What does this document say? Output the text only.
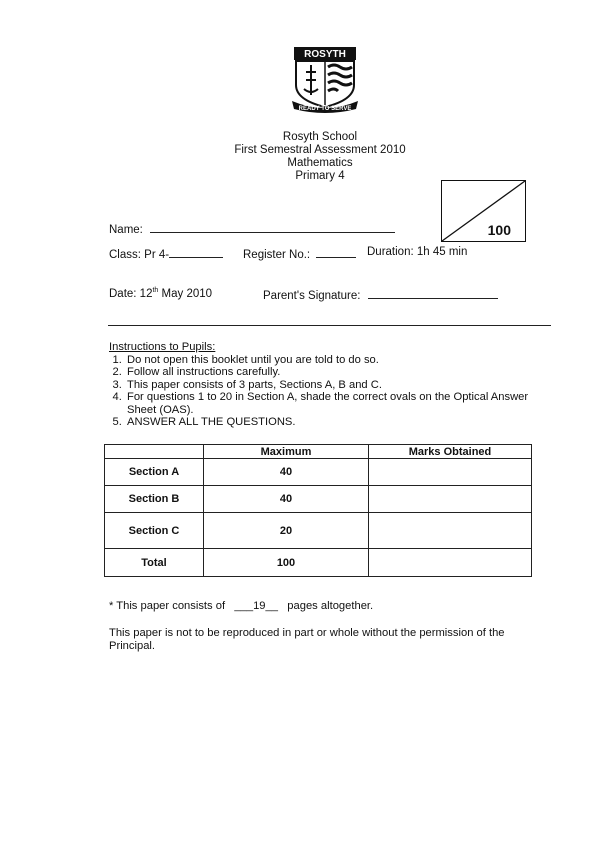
ROSYTH
READY TO SERVE
Rosyth School
First Semestral Assessment 2010
Mathematics
Primary 4
100
Name:
Class: Pr 4-	Register No.:	Duration: 1h 45 min
Date: 12th May 2010	Parent's Signature:
Instructions to Pupils:
1. Do not open this booklet until you are told to do so.
2. Follow all instructions carefully.
3. This paper consists of 3 parts, Sections A, B and C.
4. For questions 1 to 20 in Section A, shade the correct ovals on the Optical Answer Sheet (OAS).
5. ANSWER ALL THE QUESTIONS.
	Maximum	Marks Obtained
Section A	40	
Section B	40	
Section C	20	
Total	100	
* This paper consists of ___19__ pages altogether.
This paper is not to be reproduced in part or whole without the permission of the Principal.
